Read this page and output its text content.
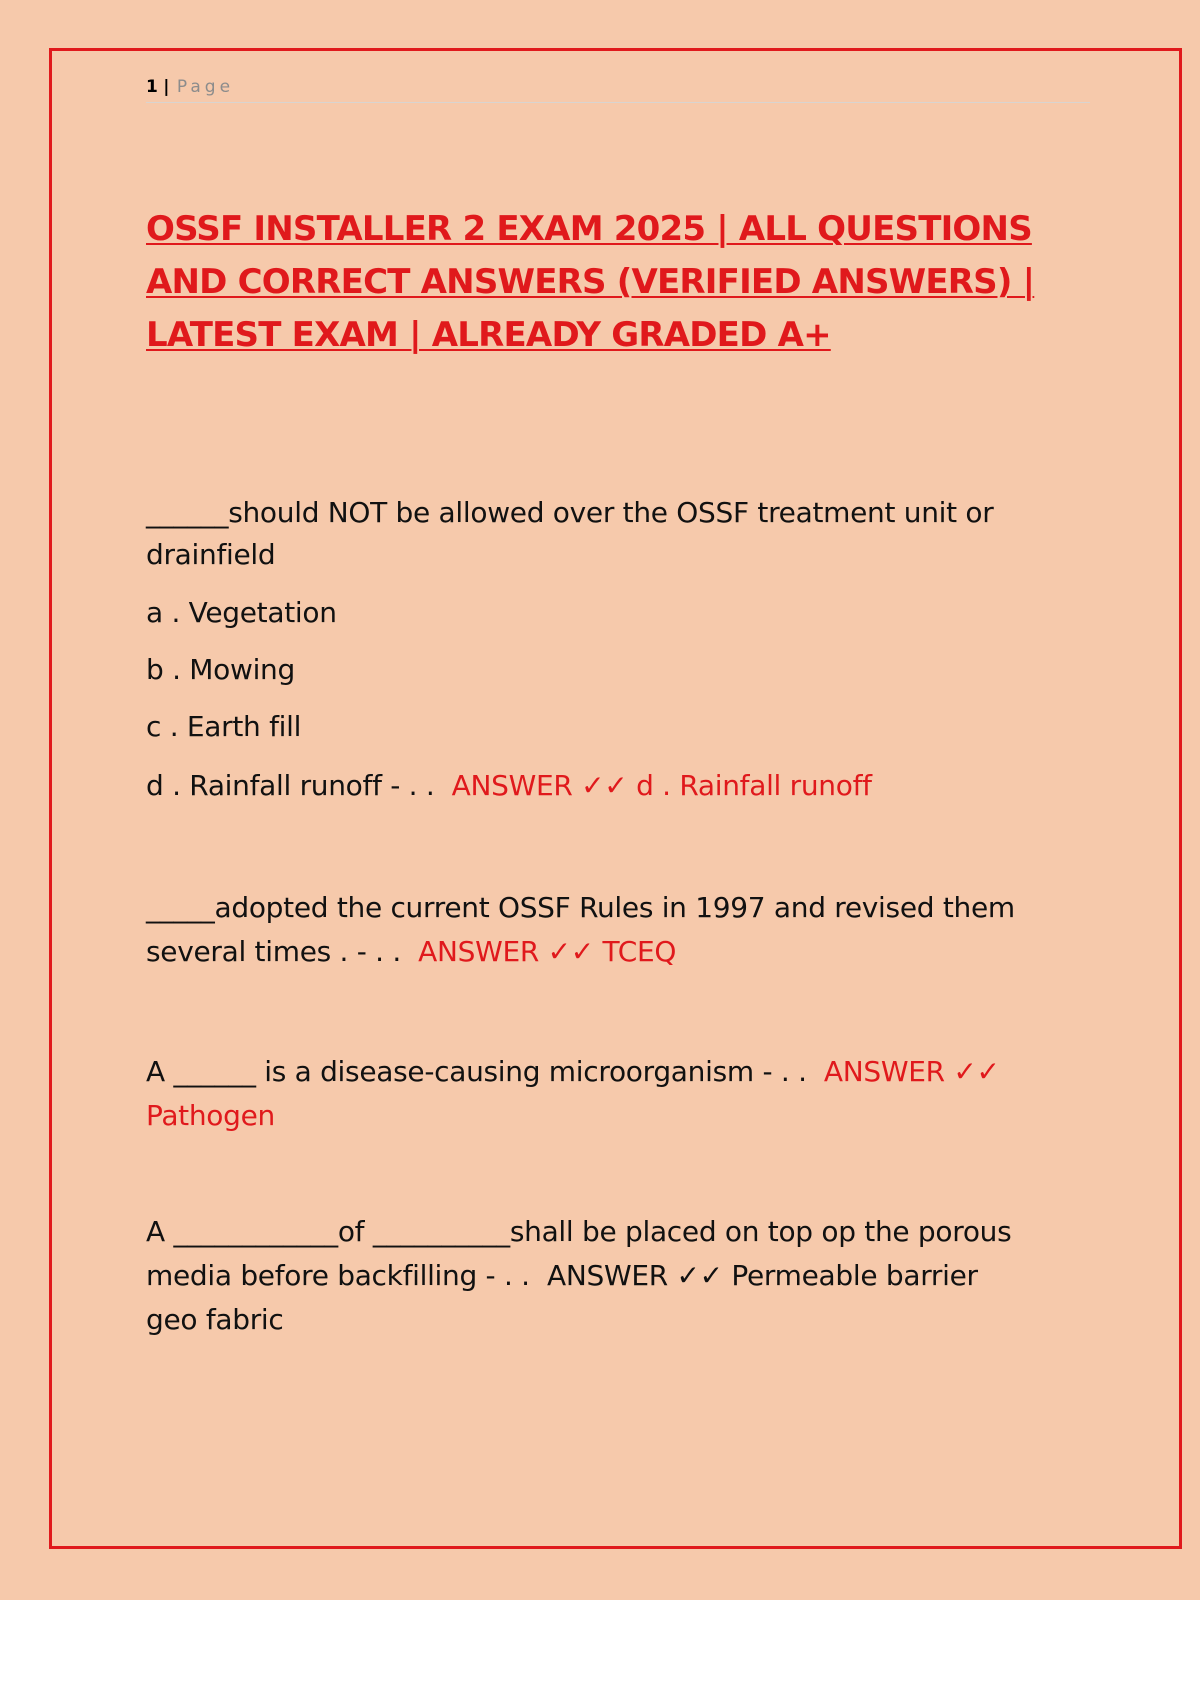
1 | Page
OSSF INSTALLER 2 EXAM 2025 | ALL QUESTIONS AND CORRECT ANSWERS (VERIFIED ANSWERS) | LATEST EXAM | ALREADY GRADED A+

______should NOT be allowed over the OSSF treatment unit or

drainfield

a . Vegetation

b . Mowing

c . Earth fill

d . Rainfall runoff - . . ANSWER ✓✓ d . Rainfall runoff

_____adopted the current OSSF Rules in 1997 and revised them

several times . - . . ANSWER ✓✓ TCEQ

A ______ is a disease-causing microorganism - . . ANSWER ✓✓

Pathogen

A ____________of __________shall be placed on top op the porous

media before backfilling - . . ANSWER ✓✓ Permeable barrier

geo fabric
